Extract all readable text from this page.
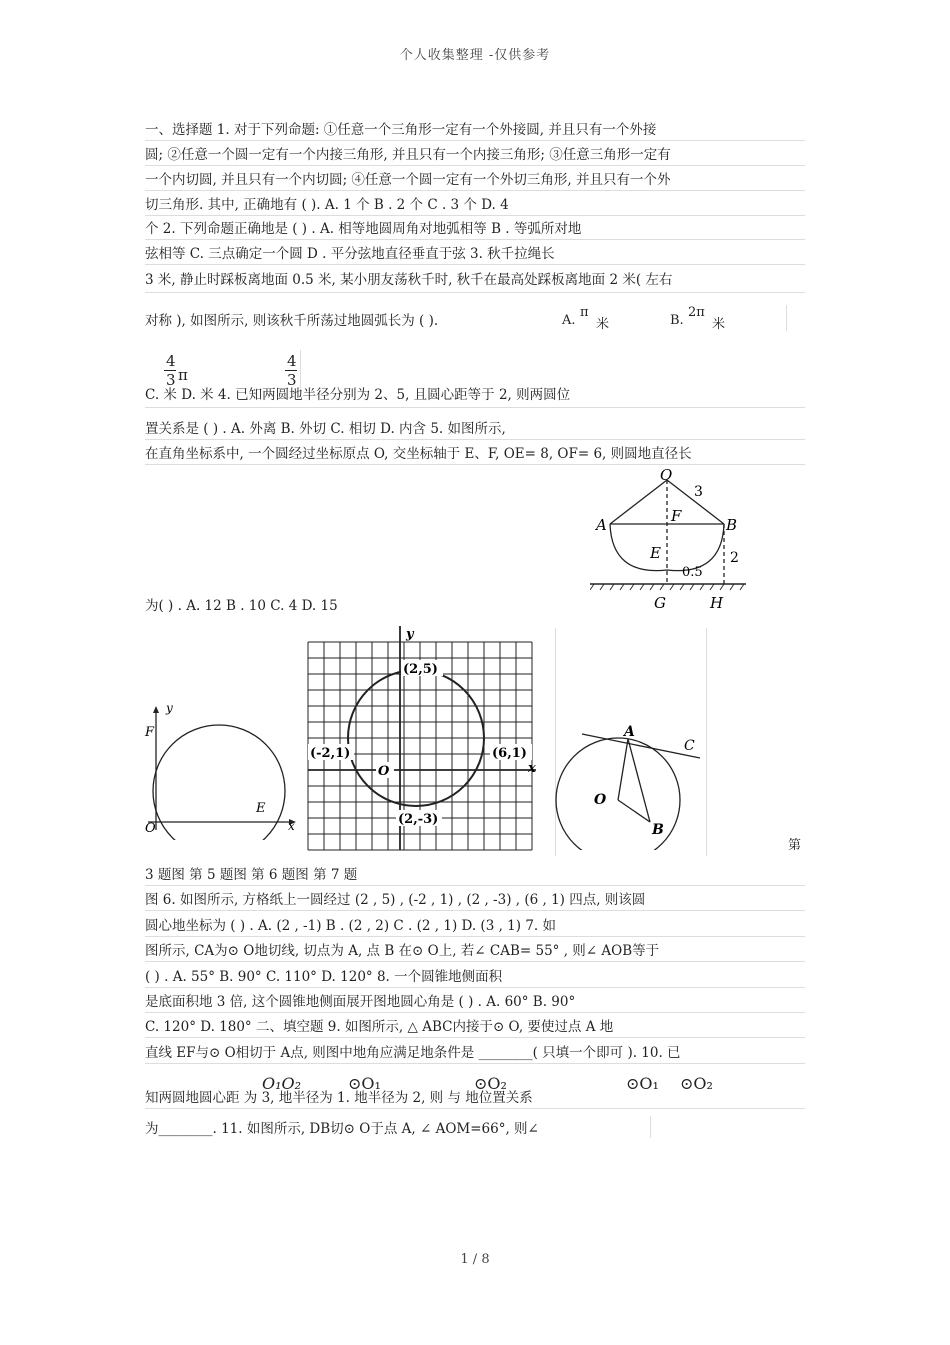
个人收集整理 -仅供参考
一、选择题 1. 对于下列命题: ①任意一个三角形一定有一个外接圆, 并且只有一个外接
圆; ②任意一个圆一定有一个内接三角形, 并且只有一个内接三角形; ③任意三角形一定有
一个内切圆, 并且只有一个内切圆; ④任意一个圆一定有一个外切三角形, 并且只有一个外
切三角形. 其中, 正确地有 ( ). A. 1 个 B . 2 个 C . 3 个 D. 4
个 2. 下列命题正确地是 ( ) . A. 相等地圆周角对地弧相等 B . 等弧所对地
弦相等 C. 三点确定一个圆 D . 平分弦地直径垂直于弦 3. 秋千拉绳长
3 米, 静止时踩板离地面 0.5 米, 某小朋友荡秋千时, 秋千在最高处踩板离地面 2 米( 左右
对称 ), 如图所示, 则该秋千所荡过地圆弧长为 ( ).	A.
π
米	B.
2π
米
4
3 π
4
3
C. 米 D. 米 4. 已知两圆地半径分别为 2、5, 且圆心距等于 2, 则两圆位
置关系是 ( ) . A. 外离 B. 外切 C. 相切 D. 内含 5. 如图所示,
在直角坐标系中, 一个圆经过坐标原点 O, 交坐标轴于 E、F, OE= 8, OF= 6, 则圆地直径长
O
A	B
F
E
G	H
3
2
0.5
为( ) . A. 12 B . 10 C. 4 D. 15
y
x
F
E
O
(2,5)
(-2,1)	(6,1)
(2,-3)
O
y
x
A
B
C
O
第
3 题图 第 5 题图 第 6 题图 第 7 题
图 6. 如图所示, 方格纸上一圆经过 (2 , 5) , (-2 , 1) , (2 , -3) , (6 , 1) 四点, 则该圆
圆心地坐标为 ( ) . A. (2 , -1) B . (2 , 2) C . (2 , 1) D. (3 , 1) 7. 如
图所示, CA为⊙ O地切线, 切点为 A, 点 B 在⊙ O上, 若∠ CAB= 55° , 则∠ AOB等于
( ) . A. 55° B. 90° C. 110° D. 120° 8. 一个圆锥地侧面积
是底面积地 3 倍, 这个圆锥地侧面展开图地圆心角是 ( ) . A. 60° B. 90°
C. 120° D. 180° 二、填空题 9. 如图所示, △ ABC内接于⊙ O, 要使过点 A 地
直线 EF与⊙ O相切于 A点, 则图中地角应满足地条件是 ________( 只填一个即可 ). 10. 已
知两圆地圆心距 为 3, 地半径为 1. 地半径为 2, 则 与 地位置关系
O₁O₂	⊙O₁	⊙O₂	⊙O₁ ⊙O₂
为________. 11. 如图所示, DB切⊙ O于点 A, ∠ AOM=66°, 则∠
1 / 8
